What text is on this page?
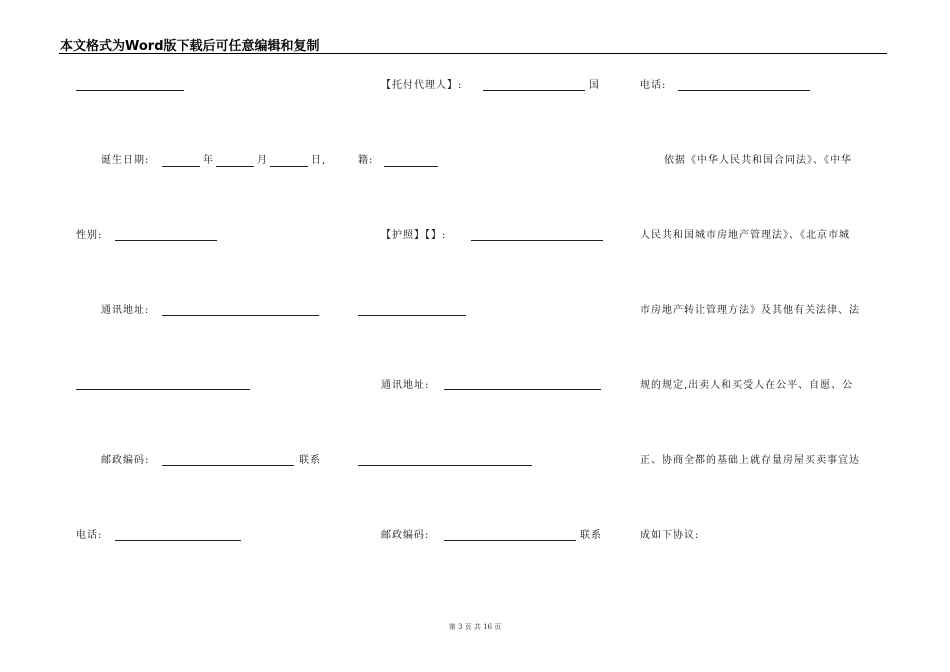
本文格式为Word版下载后可任意编辑和复制
诞生日期:	年	月	日,
性别:
通讯地址:
邮政编码:	联系
电话:
【托付代理人】:	国
籍:
【护照】【】:
通讯地址:
邮政编码:	联系
电话:
依据《中华人民共和国合同法》、《中华
人民共和国城市房地产管理法》、《北京市城
市房地产转让管理方法》及其他有关法律、法
规的规定,出卖人和买受人在公平、自愿、公
正、协商全都的基础上就存量房屋买卖事宜达
成如下协议:
第 3 页 共 16 页
